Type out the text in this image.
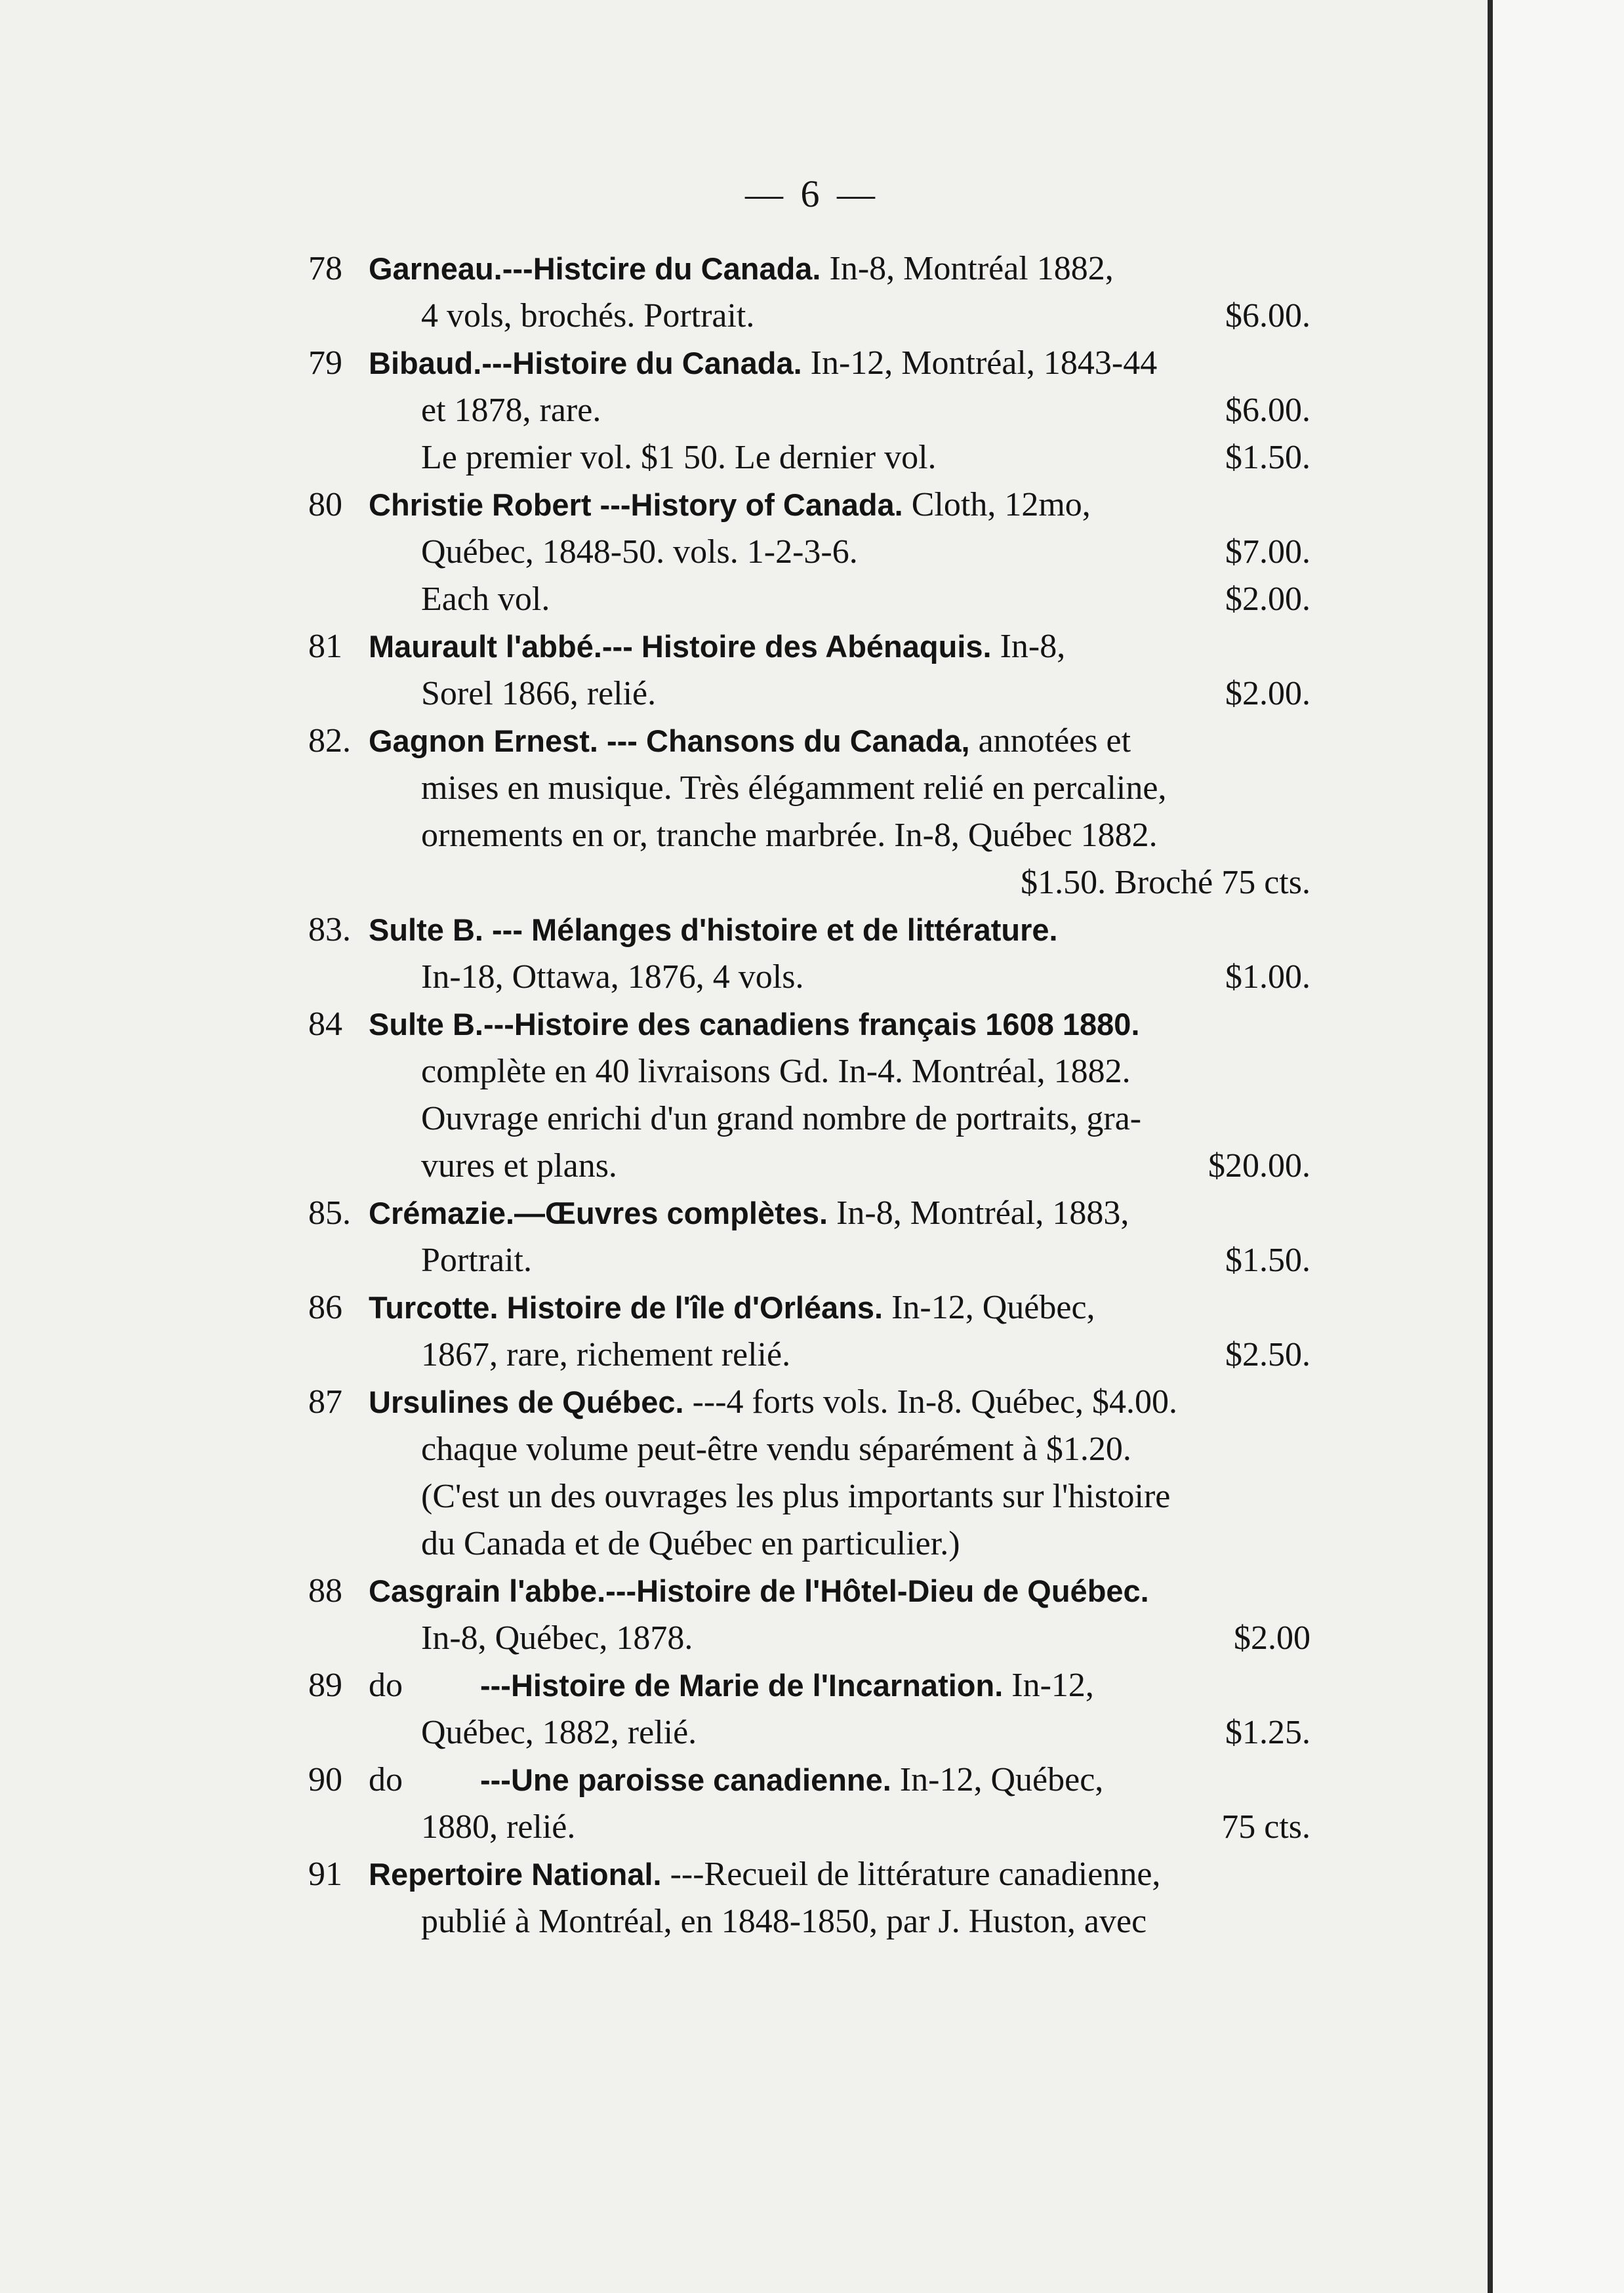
— 6 —
78 Garneau.---Histcire du Canada. In-8, Montréal 1882,
4 vols, brochés. Portrait.	$6.00.
79 Bibaud.---Histoire du Canada. In-12, Montréal, 1843-44
et 1878, rare.	$6.00.
Le premier vol. $1 50. Le dernier vol.	$1.50.
80 Christie Robert ---History of Canada. Cloth, 12mo,
Québec, 1848-50. vols. 1-2-3-6.	$7.00.
Each vol.	$2.00.
81 Maurault l'abbé.--- Histoire des Abénaquis. In-8,
Sorel 1866, relié.	$2.00.
82. Gagnon Ernest. --- Chansons du Canada, annotées et
mises en musique. Très élégamment relié en percaline,
ornements en or, tranche marbrée. In-8, Québec 1882.
$1.50. Broché 75 cts.
83. Sulte B. --- Mélanges d'histoire et de littérature.
In-18, Ottawa, 1876, 4 vols.	$1.00.
84 Sulte B.---Histoire des canadiens français 1608 1880.
complète en 40 livraisons Gd. In-4. Montréal, 1882.
Ouvrage enrichi d'un grand nombre de portraits, gra-
vures et plans.	$20.00.
85. Crémazie.—Œuvres complètes. In-8, Montréal, 1883,
Portrait.	$1.50.
86 Turcotte. Histoire de l'île d'Orléans. In-12, Québec,
1867, rare, richement relié.	$2.50.
87 Ursulines de Québec. ---4 forts vols. In-8. Québec, $4.00.
chaque volume peut-être vendu séparément à $1.20.
(C'est un des ouvrages les plus importants sur l'histoire
du Canada et de Québec en particulier.)
88 Casgrain l'abbe.---Histoire de l'Hôtel-Dieu de Québec.
In-8, Québec, 1878.	$2.00
89 do	---Histoire de Marie de l'Incarnation. In-12,
Québec, 1882, relié.	$1.25.
90 do	---Une paroisse canadienne. In-12, Québec,
1880, relié.	75 cts.
91 Repertoire National. ---Recueil de littérature canadienne,
publié à Montréal, en 1848-1850, par J. Huston, avec
